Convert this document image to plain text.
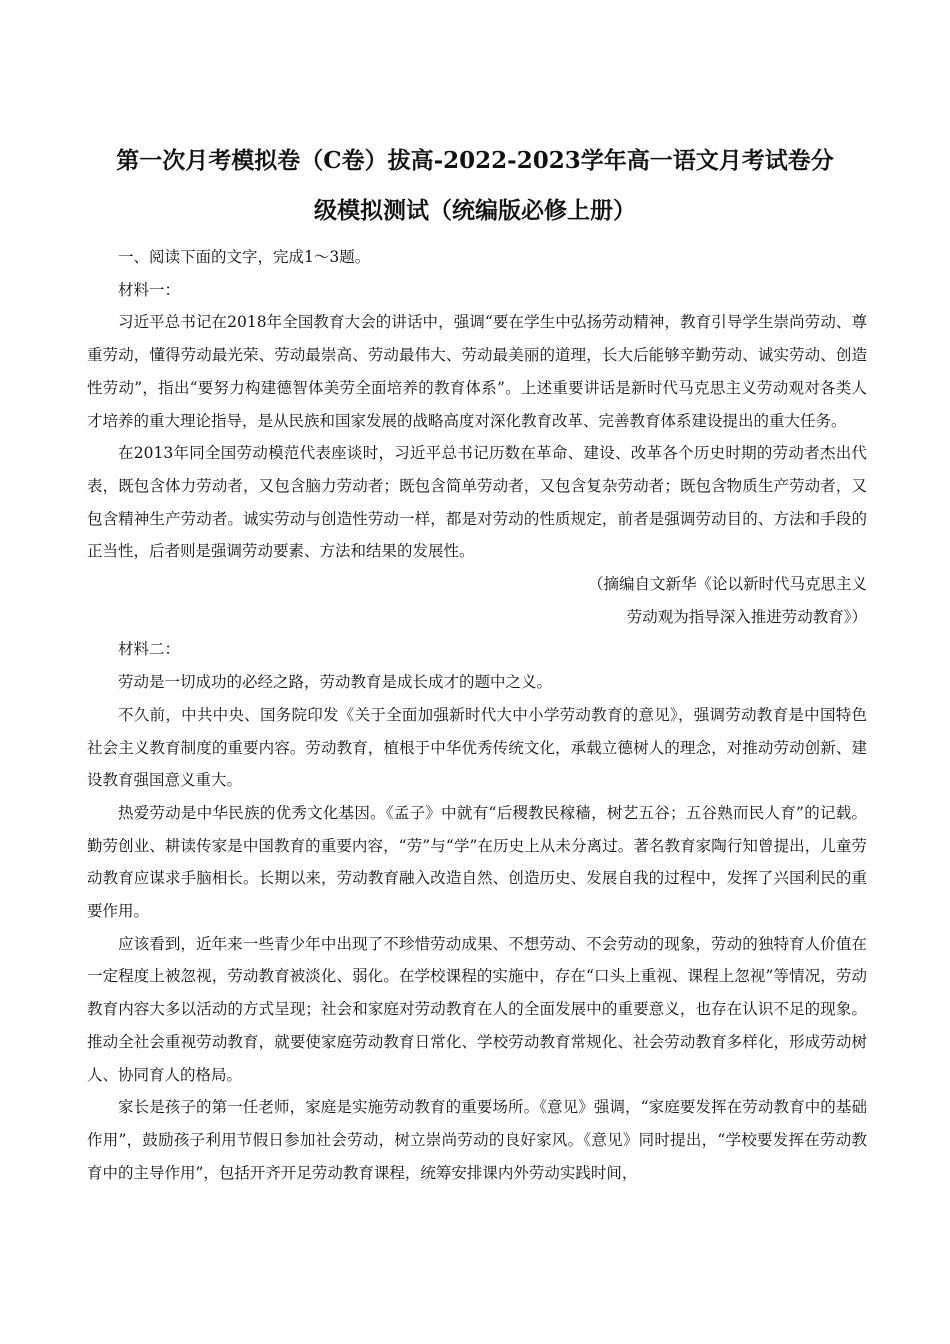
第一次月考模拟卷（C卷）拔高-2022-2023学年高一语文月考试卷分
级模拟测试（统编版必修上册）

一、阅读下面的文字，完成1～3题。

材料一：

习近平总书记在2018年全国教育大会的讲话中，强调“要在学生中弘扬劳动精神，教育引导学生崇尚劳动、尊重劳动，懂得劳动最光荣、劳动最崇高、劳动最伟大、劳动最美丽的道理，长大后能够辛勤劳动、诚实劳动、创造性劳动”，指出“要努力构建德智体美劳全面培养的教育体系”。上述重要讲话是新时代马克思主义劳动观对各类人才培养的重大理论指导，是从民族和国家发展的战略高度对深化教育改革、完善教育体系建设提出的重大任务。

在2013年同全国劳动模范代表座谈时，习近平总书记历数在革命、建设、改革各个历史时期的劳动者杰出代表，既包含体力劳动者，又包含脑力劳动者；既包含简单劳动者，又包含复杂劳动者；既包含物质生产劳动者，又包含精神生产劳动者。诚实劳动与创造性劳动一样，都是对劳动的性质规定，前者是强调劳动目的、方法和手段的正当性，后者则是强调劳动要素、方法和结果的发展性。

（摘编自文新华《论以新时代马克思主义

劳动观为指导深入推进劳动教育》）

材料二：

劳动是一切成功的必经之路，劳动教育是成长成才的题中之义。

不久前，中共中央、国务院印发《关于全面加强新时代大中小学劳动教育的意见》，强调劳动教育是中国特色社会主义教育制度的重要内容。劳动教育，植根于中华优秀传统文化，承载立德树人的理念，对推动劳动创新、建设教育强国意义重大。

热爱劳动是中华民族的优秀文化基因。《孟子》中就有“后稷教民稼穑，树艺五谷；五谷熟而民人育”的记载。勤劳创业、耕读传家是中国教育的重要内容，“劳”与“学”在历史上从未分离过。著名教育家陶行知曾提出，儿童劳动教育应谋求手脑相长。长期以来，劳动教育融入改造自然、创造历史、发展自我的过程中，发挥了兴国利民的重要作用。

应该看到，近年来一些青少年中出现了不珍惜劳动成果、不想劳动、不会劳动的现象，劳动的独特育人价值在一定程度上被忽视，劳动教育被淡化、弱化。在学校课程的实施中，存在“口头上重视、课程上忽视”等情况，劳动教育内容大多以活动的方式呈现；社会和家庭对劳动教育在人的全面发展中的重要意义，也存在认识不足的现象。推动全社会重视劳动教育，就要使家庭劳动教育日常化、学校劳动教育常规化、社会劳动教育多样化，形成劳动树人、协同育人的格局。

家长是孩子的第一任老师，家庭是实施劳动教育的重要场所。《意见》强调，“家庭要发挥在劳动教育中的基础作用”，鼓励孩子利用节假日参加社会劳动，树立崇尚劳动的良好家风。《意见》同时提出，“学校要发挥在劳动教育中的主导作用”，包括开齐开足劳动教育课程，统筹安排课内外劳动实践时间，
